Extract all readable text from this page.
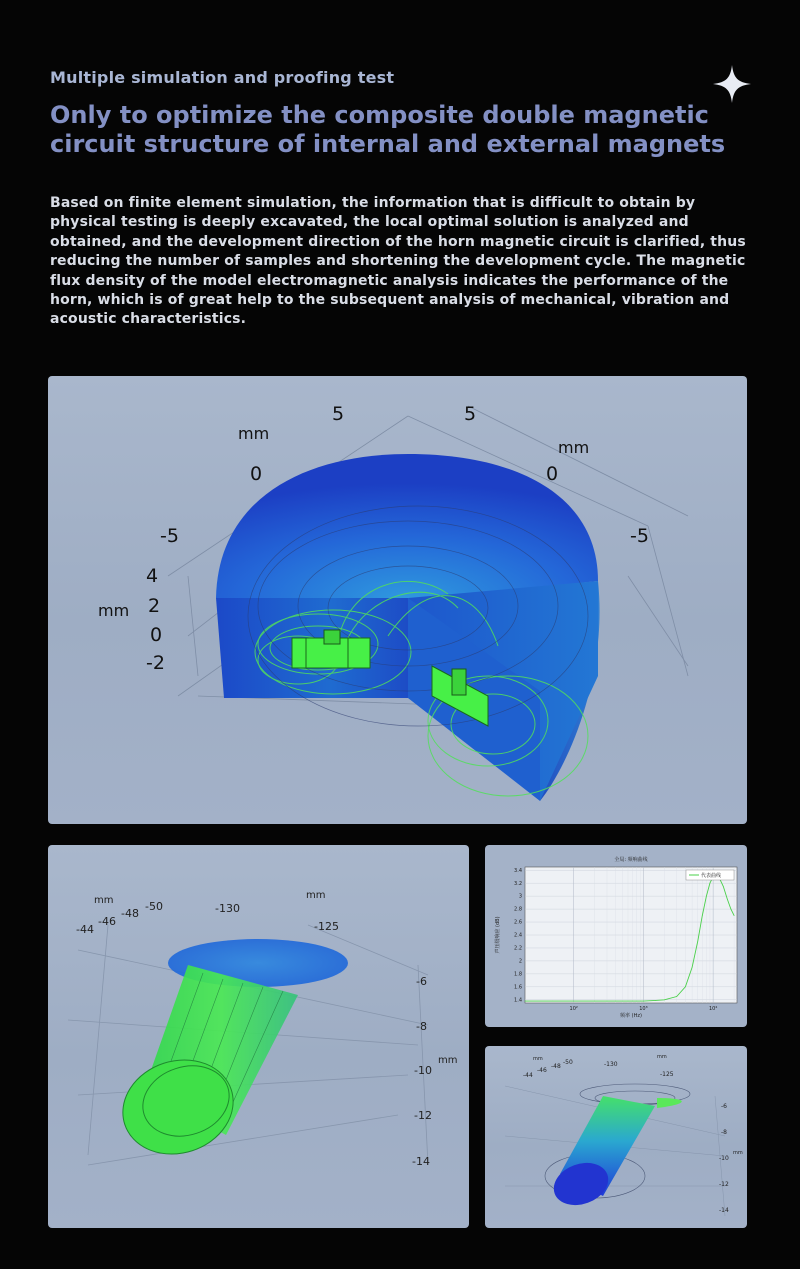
Multiple simulation and proofing test
Only to optimize the composite double magnetic circuit structure of internal and external magnets
Based on finite element simulation, the information that is difficult to obtain by physical testing is deeply excavated, the local optimal solution is analyzed and obtained, and the development direction of the horn magnetic circuit is clarified, thus reducing the number of samples and shortening the development cycle. The magnetic flux density of the model electromagnetic analysis indicates the performance of the horn, which is of great help to the subsequent analysis of mechanical, vibration and acoustic characteristics.
mm
mm
mm
5
0
-5
5
0
-5
4
2
0
-2
mm	mm
mm
-44
-46
-48
-50	-130
-125
-6
-8
-10
-12
-14
全局: 频响曲线
频率 (Hz)
声压级响应 (dB)
3.4
3.2
3
2.8
2.6
2.4
2.2
2
1.8
1.6
1.4
10²	10³	10⁴
代表曲线
mm	mm
mm
-44
-46
-48
-50	-130
-125
-6
-8
-10
-12
-14
